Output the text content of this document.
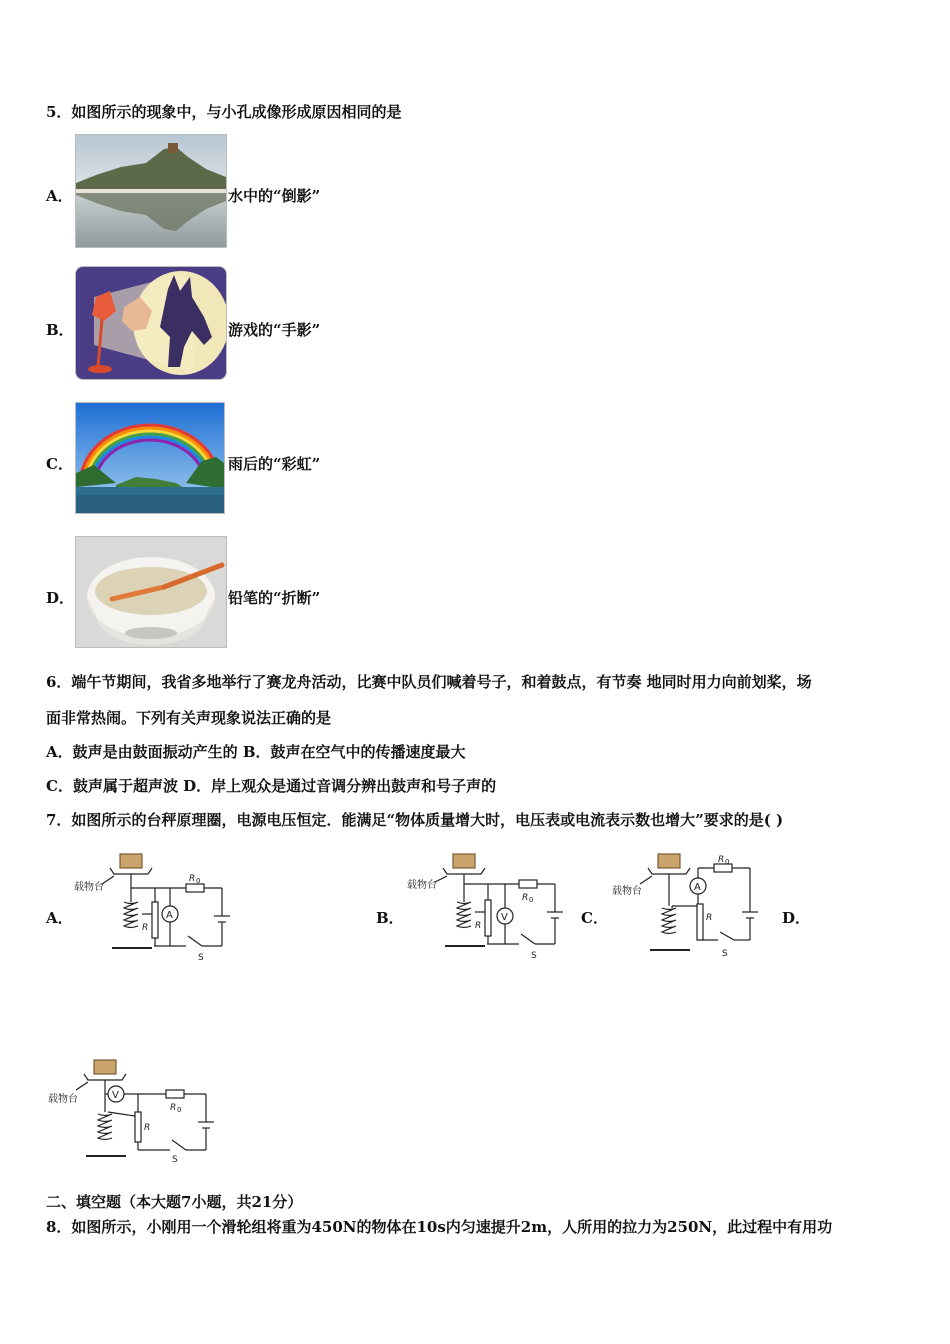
5．如图所示的现象中，与小孔成像形成原因相同的是
A．	水中的“倒影”
B．	游戏的“手影”
C．	雨后的“彩虹”
D．	铅笔的“折断”
6．端午节期间，我省多地举行了赛龙舟活动，比赛中队员们喊着号子，和着鼓点，有节奏 地同时用力向前划桨，场
面非常热闹。下列有关声现象说法正确的是
A．鼓声是由鼓面振动产生的 B．鼓声在空气中的传播速度最大
C．鼓声属于超声波 D．岸上观众是通过音调分辨出鼓声和号子声的
7．如图所示的台秤原理圈，电源电压恒定．能满足“物体质量增大时，电压表或电流表示数也增大”要求的是( )
A．	B．	C．	D．
载物台
A
R 0
R
S
载物台
V
R 0
R
S
载物台	A
R 0
R
S
载物台	V
R 0
R
S
二、填空题（本大题7小题，共21分）
8．如图所示，小刚用一个滑轮组将重为450N的物体在10s内匀速提升2m，人所用的拉力为250N，此过程中有用功
